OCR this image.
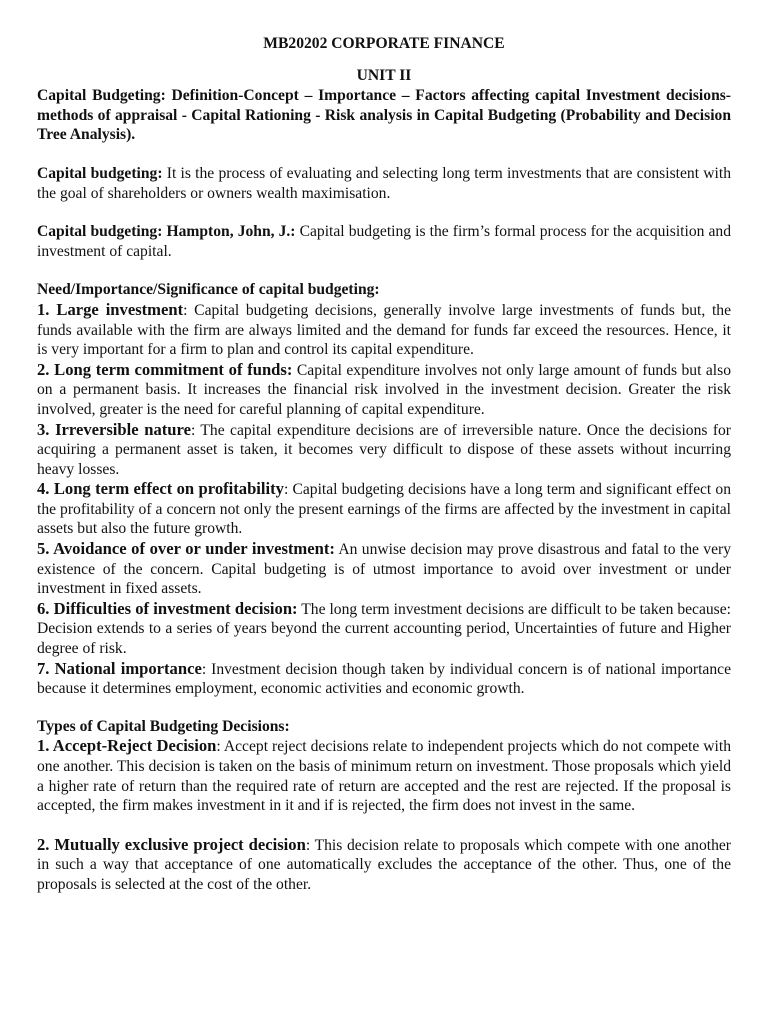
MB20202 CORPORATE FINANCE
UNIT II

Capital Budgeting: Definition-Concept – Importance – Factors affecting capital Investment decisions- methods of appraisal - Capital Rationing - Risk analysis in Capital Budgeting (Probability and Decision Tree Analysis).

Capital budgeting: It is the process of evaluating and selecting long term investments that are consistent with the goal of shareholders or owners wealth maximisation.

Capital budgeting: Hampton, John, J.: Capital budgeting is the firm’s formal process for the acquisition and investment of capital.

Need/Importance/Significance of capital budgeting:

1. Large investment: Capital budgeting decisions, generally involve large investments of funds but, the funds available with the firm are always limited and the demand for funds far exceed the resources. Hence, it is very important for a firm to plan and control its capital expenditure.

2. Long term commitment of funds: Capital expenditure involves not only large amount of funds but also on a permanent basis. It increases the financial risk involved in the investment decision. Greater the risk involved, greater is the need for careful planning of capital expenditure.

3. Irreversible nature: The capital expenditure decisions are of irreversible nature. Once the decisions for acquiring a permanent asset is taken, it becomes very difficult to dispose of these assets without incurring heavy losses.

4. Long term effect on profitability: Capital budgeting decisions have a long term and significant effect on the profitability of a concern not only the present earnings of the firms are affected by the investment in capital assets but also the future growth.

5. Avoidance of over or under investment: An unwise decision may prove disastrous and fatal to the very existence of the concern. Capital budgeting is of utmost importance to avoid over investment or under investment in fixed assets.

6. Difficulties of investment decision: The long term investment decisions are difficult to be taken because: Decision extends to a series of years beyond the current accounting period, Uncertainties of future and Higher degree of risk.

7. National importance: Investment decision though taken by individual concern is of national importance because it determines employment, economic activities and economic growth.

Types of Capital Budgeting Decisions:

1. Accept-Reject Decision: Accept reject decisions relate to independent projects which do not compete with one another. This decision is taken on the basis of minimum return on investment. Those proposals which yield a higher rate of return than the required rate of return are accepted and the rest are rejected. If the proposal is accepted, the firm makes investment in it and if is rejected, the firm does not invest in the same.

2. Mutually exclusive project decision: This decision relate to proposals which compete with one another in such a way that acceptance of one automatically excludes the acceptance of the other. Thus, one of the proposals is selected at the cost of the other.
